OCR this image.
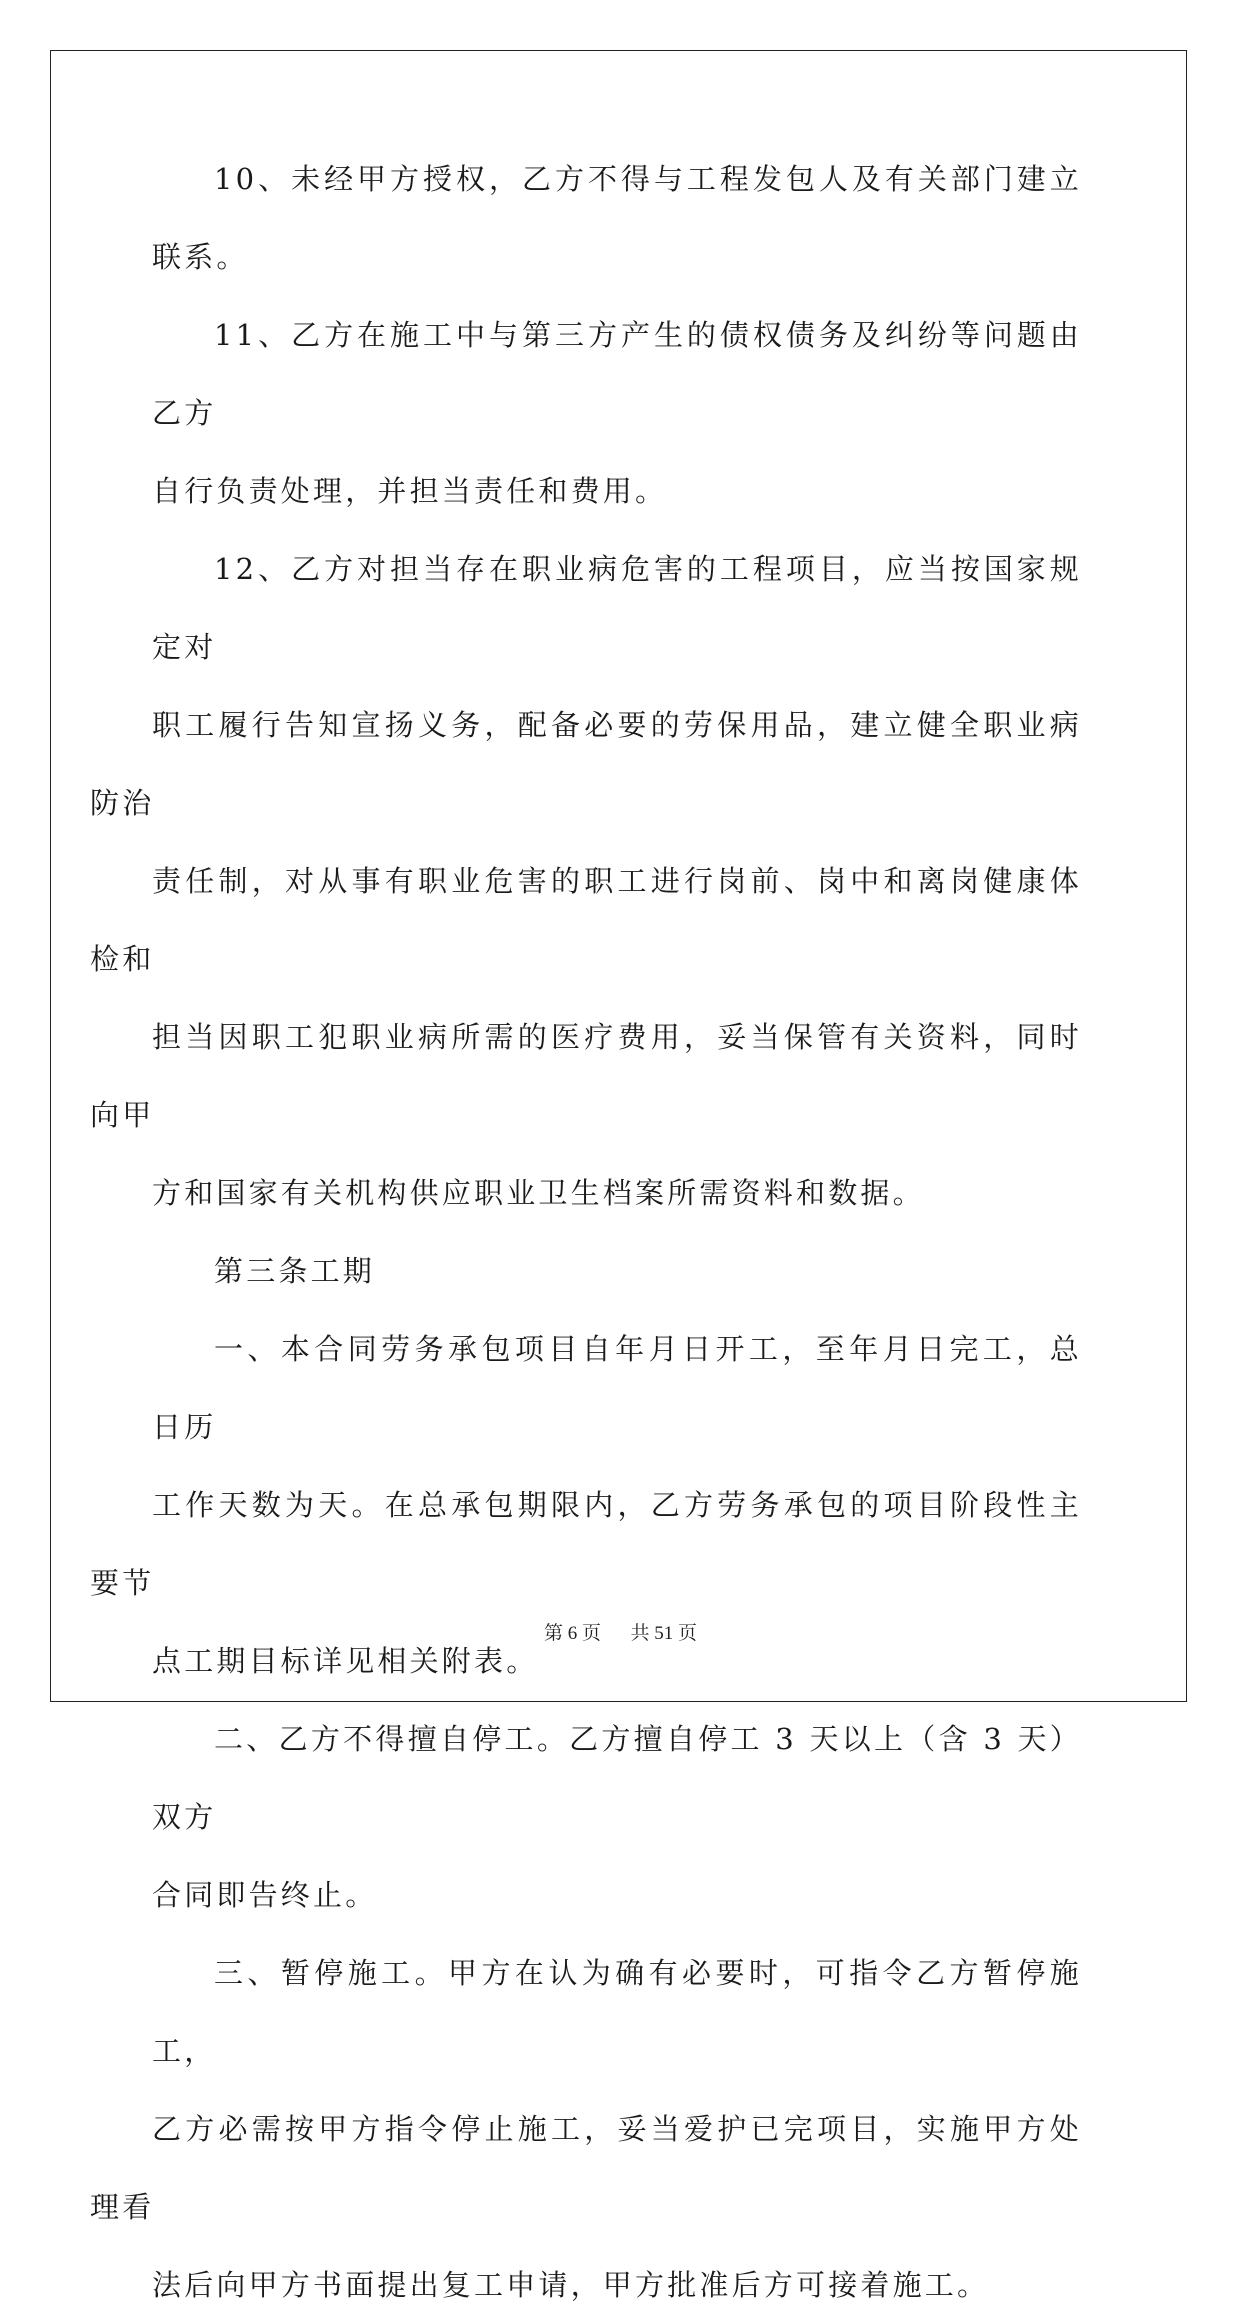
10、未经甲方授权，乙方不得与工程发包人及有关部门建立联系。
11、乙方在施工中与第三方产生的债权债务及纠纷等问题由乙方
自行负责处理，并担当责任和费用。
12、乙方对担当存在职业病危害的工程项目，应当按国家规定对
职工履行告知宣扬义务，配备必要的劳保用品，建立健全职业病防治
责任制，对从事有职业危害的职工进行岗前、岗中和离岗健康体检和
担当因职工犯职业病所需的医疗费用，妥当保管有关资料，同时向甲
方和国家有关机构供应职业卫生档案所需资料和数据。
第三条工期
一、本合同劳务承包项目自年月日开工，至年月日完工，总日历
工作天数为天。在总承包期限内，乙方劳务承包的项目阶段性主要节
点工期目标详见相关附表。
二、乙方不得擅自停工。乙方擅自停工 3 天以上（含 3 天）双方
合同即告终止。
三、暂停施工。甲方在认为确有必要时，可指令乙方暂停施工，
乙方必需按甲方指令停止施工，妥当爱护已完项目，实施甲方处理看
法后向甲方书面提出复工申请，甲方批准后方可接着施工。
第 6 页 共 51 页
